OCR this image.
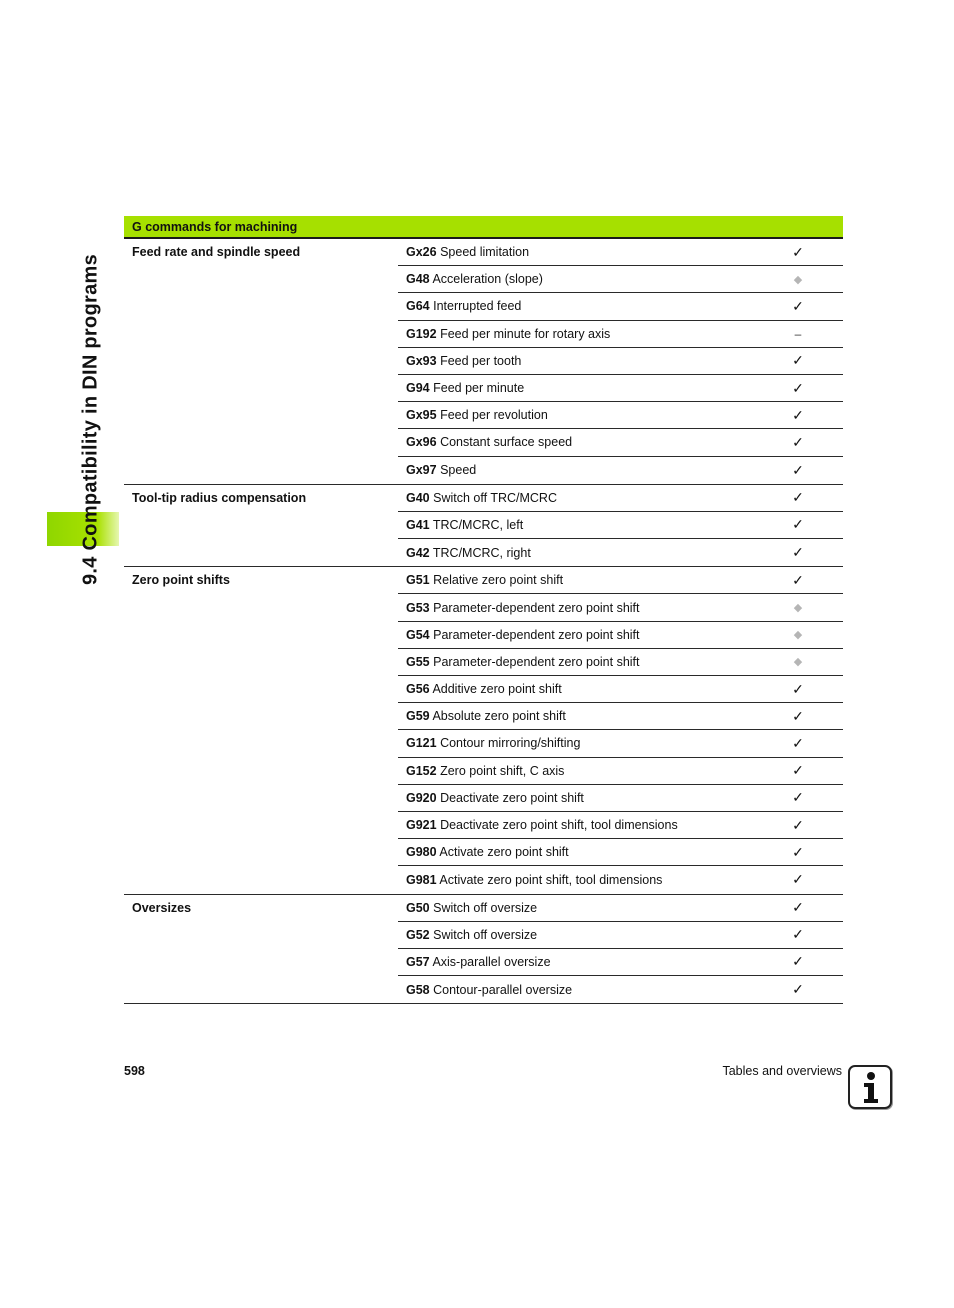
9.4 Compatibility in DIN programs
G commands for machining
Feed rate and spindle speed	Gx26 Speed limitation	✓
G48 Acceleration (slope)	◆
G64 Interrupted feed	✓
G192 Feed per minute for rotary axis	–
Gx93 Feed per tooth	✓
G94 Feed per minute	✓
Gx95 Feed per revolution	✓
Gx96 Constant surface speed	✓
Gx97 Speed	✓
Tool-tip radius compensation	G40 Switch off TRC/MCRC	✓
G41 TRC/MCRC, left	✓
G42 TRC/MCRC, right	✓
Zero point shifts	G51 Relative zero point shift	✓
G53 Parameter-dependent zero point shift	◆
G54 Parameter-dependent zero point shift	◆
G55 Parameter-dependent zero point shift	◆
G56 Additive zero point shift	✓
G59 Absolute zero point shift	✓
G121 Contour mirroring/shifting	✓
G152 Zero point shift, C axis	✓
G920 Deactivate zero point shift	✓
G921 Deactivate zero point shift, tool dimensions	✓
G980 Activate zero point shift	✓
G981 Activate zero point shift, tool dimensions	✓
Oversizes	G50 Switch off oversize	✓
G52 Switch off oversize	✓
G57 Axis-parallel oversize	✓
G58 Contour-parallel oversize	✓
598	Tables and overviews
